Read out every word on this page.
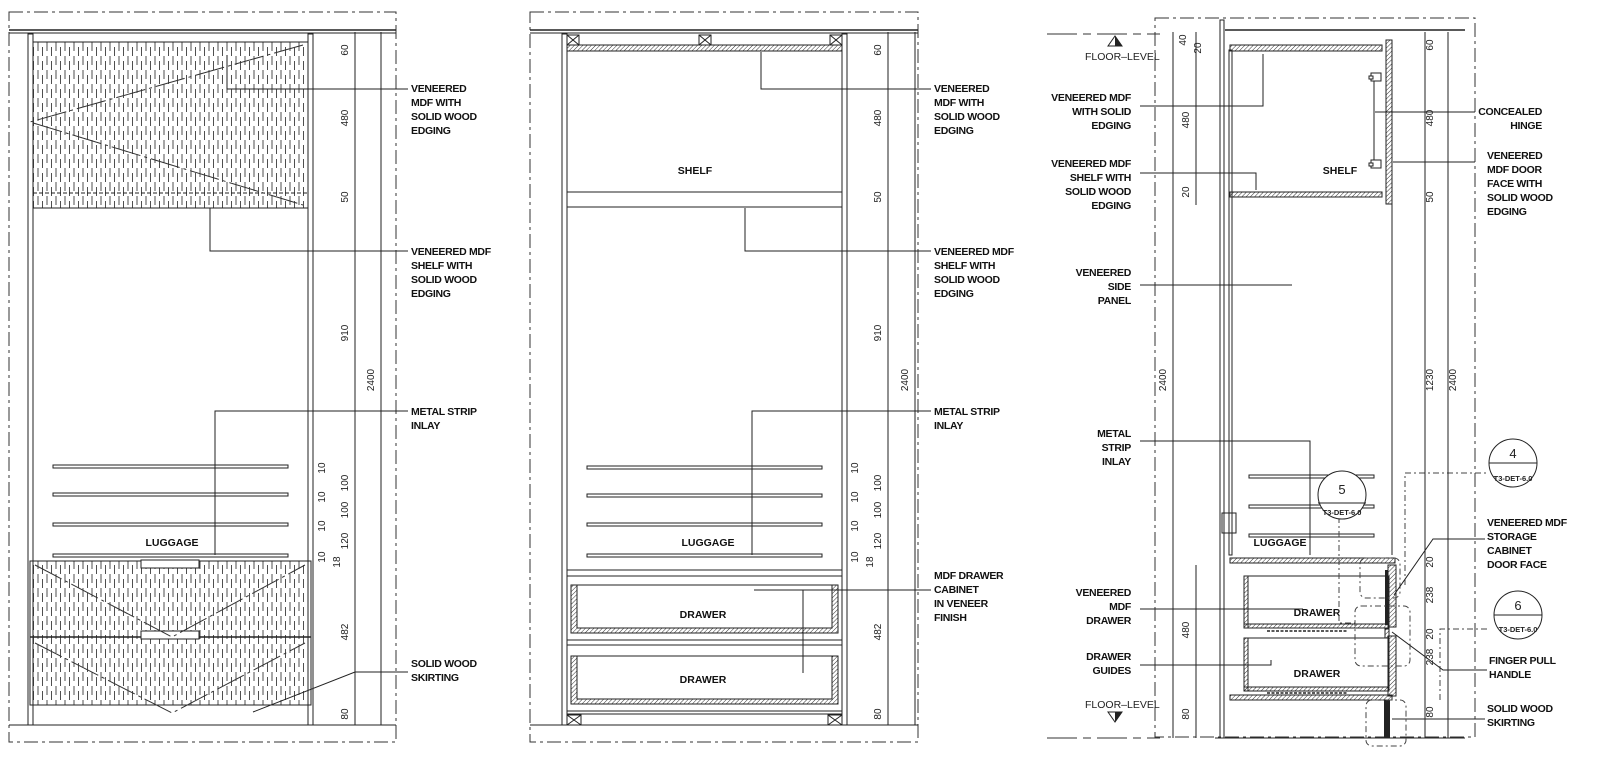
LUGGAGE
60
480
50
910
2400
100
100
120
10
10
10
10 18
482
80
VENEERED MDF WITH SOLID WOOD EDGING
VENEERED MDF SHELF WITH SOLID WOOD EDGING
METAL STRIP INLAY
SOLID WOOD SKIRTING
SHELF
LUGGAGE
DRAWER
DRAWER
60
480
50
910
2400
100
100
120
10
10
10
10 18
482
80
VENEERED MDF WITH SOLID WOOD EDGING
VENEERED MDF SHELF WITH SOLID WOOD EDGING
METAL STRIP INLAY
MDF DRAWER CABINET IN VENEER FINISH
FLOOR–LEVEL
FLOOR–LEVEL
SHELF
LUGGAGE
DRAWER
DRAWER
4
T3-DET-6.0
5
T3-DET-6.0
6
T3-DET-6.0
40
20
480
20
2400
480
80
60
480
50
1230 2400
20
238
20
238
80
VENEERED MDF WITH SOLID EDGING
VENEERED MDF SHELF WITH SOLID WOOD EDGING
VENEERED SIDE PANEL
METAL STRIP INLAY
VENEERED MDF DRAWER
DRAWER GUIDES
CONCEALED HINGE
VENEERED MDF DOOR FACE WITH SOLID WOOD EDGING
VENEERED MDF STORAGE CABINET DOOR FACE
FINGER PULL HANDLE
SOLID WOOD SKIRTING
